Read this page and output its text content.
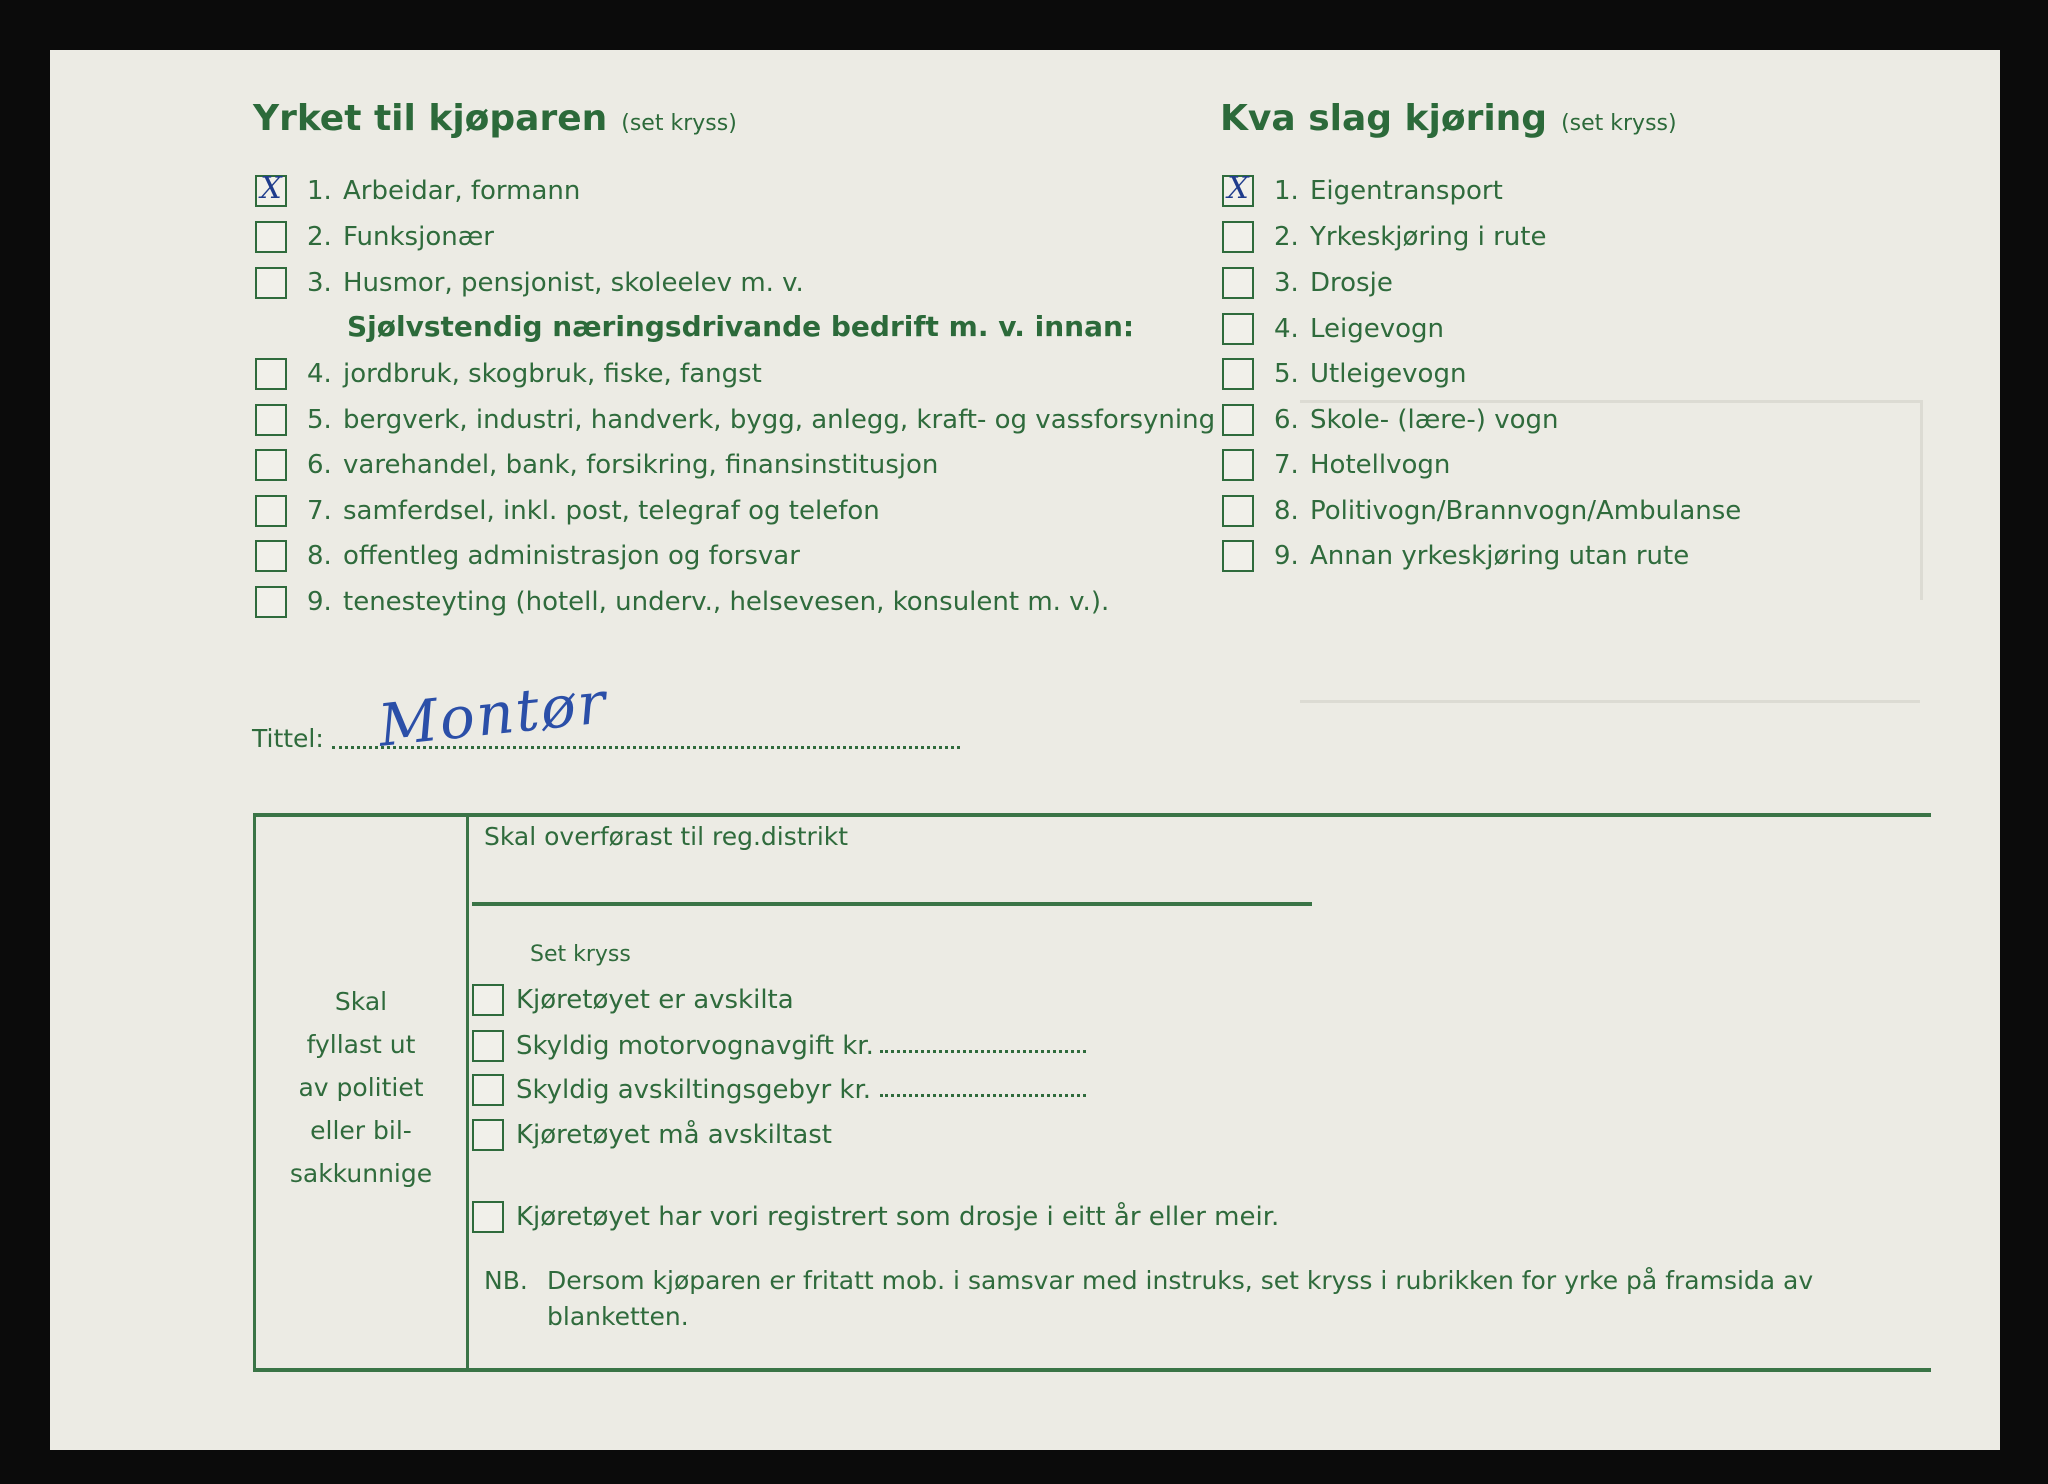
Yrket til kjøparen (set kryss)	Kva slag kjøring (set kryss)
X 1. Arbeidar, formann
2. Funksjonær
3. Husmor, pensjonist, skoleelev m. v.
Sjølvstendig næringsdrivande bedrift m. v. innan:
4. jordbruk, skogbruk, fiske, fangst
5. bergverk, industri, handverk, bygg, anlegg, kraft- og vassforsyning
6. varehandel, bank, forsikring, finansinstitusjon
7. samferdsel, inkl. post, telegraf og telefon
8. offentleg administrasjon og forsvar
9. tenesteyting (hotell, underv., helsevesen, konsulent m. v.).
X 1. Eigentransport
2. Yrkeskjøring i rute
3. Drosje
4. Leigevogn
5. Utleigevogn
6. Skole- (lære-) vogn
7. Hotellvogn
8. Politivogn/Brannvogn/Ambulanse
9. Annan yrkeskjøring utan rute
Tittel: Montør
Skal
fyllast ut
av politiet
eller bil-
sakkunnige
Skal overførast til reg.distrikt
Set kryss
Kjøretøyet er avskilta
Skyldig motorvognavgift kr.
Skyldig avskiltingsgebyr kr.
Kjøretøyet må avskiltast
Kjøretøyet har vori registrert som drosje i eitt år eller meir.
NB. Dersom kjøparen er fritatt mob. i samsvar med instruks, set kryss i rubrikken for yrke på framsida av
blanketten.
